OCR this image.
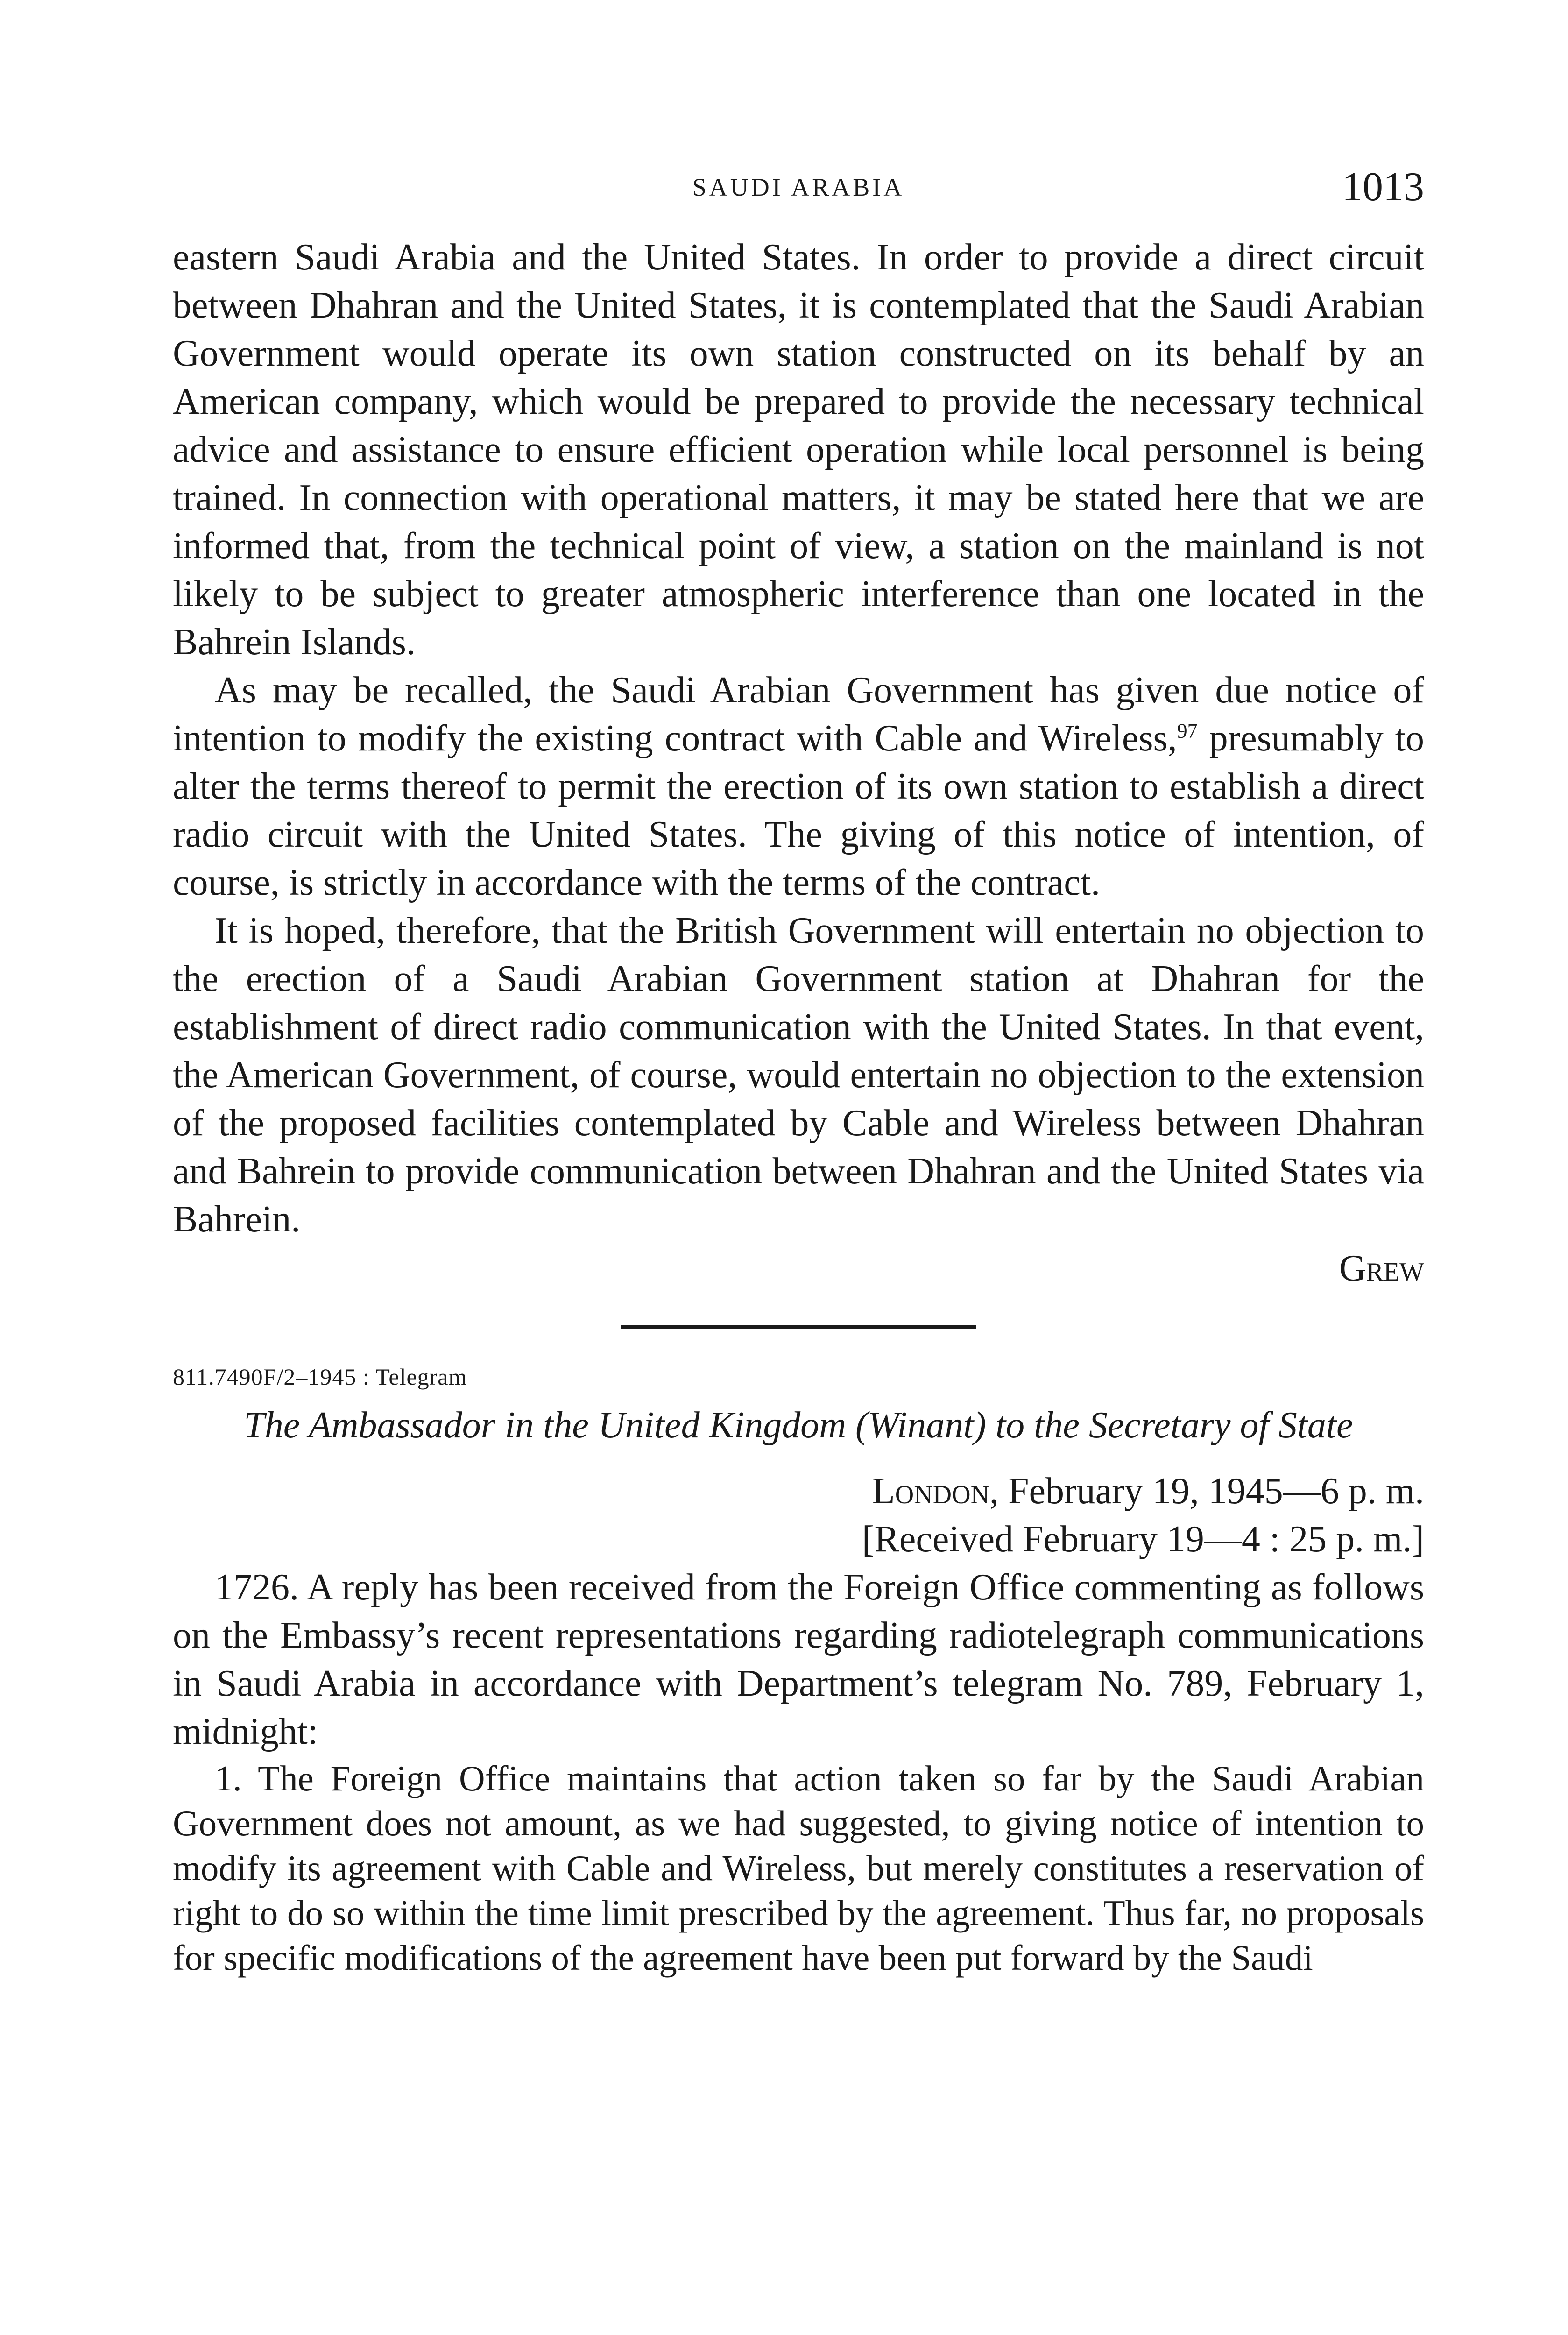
SAUDI ARABIA	1013

eastern Saudi Arabia and the United States. In order to provide a direct circuit between Dhahran and the United States, it is contemplated that the Saudi Arabian Government would operate its own station constructed on its behalf by an American company, which would be prepared to provide the necessary technical advice and assistance to ensure efficient operation while local personnel is being trained. In connection with operational matters, it may be stated here that we are informed that, from the technical point of view, a station on the mainland is not likely to be subject to greater atmospheric interference than one located in the Bahrein Islands.

As may be recalled, the Saudi Arabian Government has given due notice of intention to modify the existing contract with Cable and Wireless,$^{97}$ presumably to alter the terms thereof to permit the erection of its own station to establish a direct radio circuit with the United States. The giving of this notice of intention, of course, is strictly in accordance with the terms of the contract.

It is hoped, therefore, that the British Government will entertain no objection to the erection of a Saudi Arabian Government station at Dhahran for the establishment of direct radio communication with the United States. In that event, the American Government, of course, would entertain no objection to the extension of the proposed facilities contemplated by Cable and Wireless between Dhahran and Bahrein to provide communication between Dhahran and the United States via Bahrein.

Grew
811.7490F/2–1945 : Telegram
The Ambassador in the United Kingdom (Winant) to the Secretary of State
London, February 19, 1945—6 p. m.
[Received February 19—4 : 25 p. m.]

1726. A reply has been received from the Foreign Office commenting as follows on the Embassy’s recent representations regarding radiotelegraph communications in Saudi Arabia in accordance with Department’s telegram No. 789, February 1, midnight:

1. The Foreign Office maintains that action taken so far by the Saudi Arabian Government does not amount, as we had suggested, to giving notice of intention to modify its agreement with Cable and Wireless, but merely constitutes a reservation of right to do so within the time limit prescribed by the agreement. Thus far, no proposals for specific modifications of the agreement have been put forward by the Saudi
